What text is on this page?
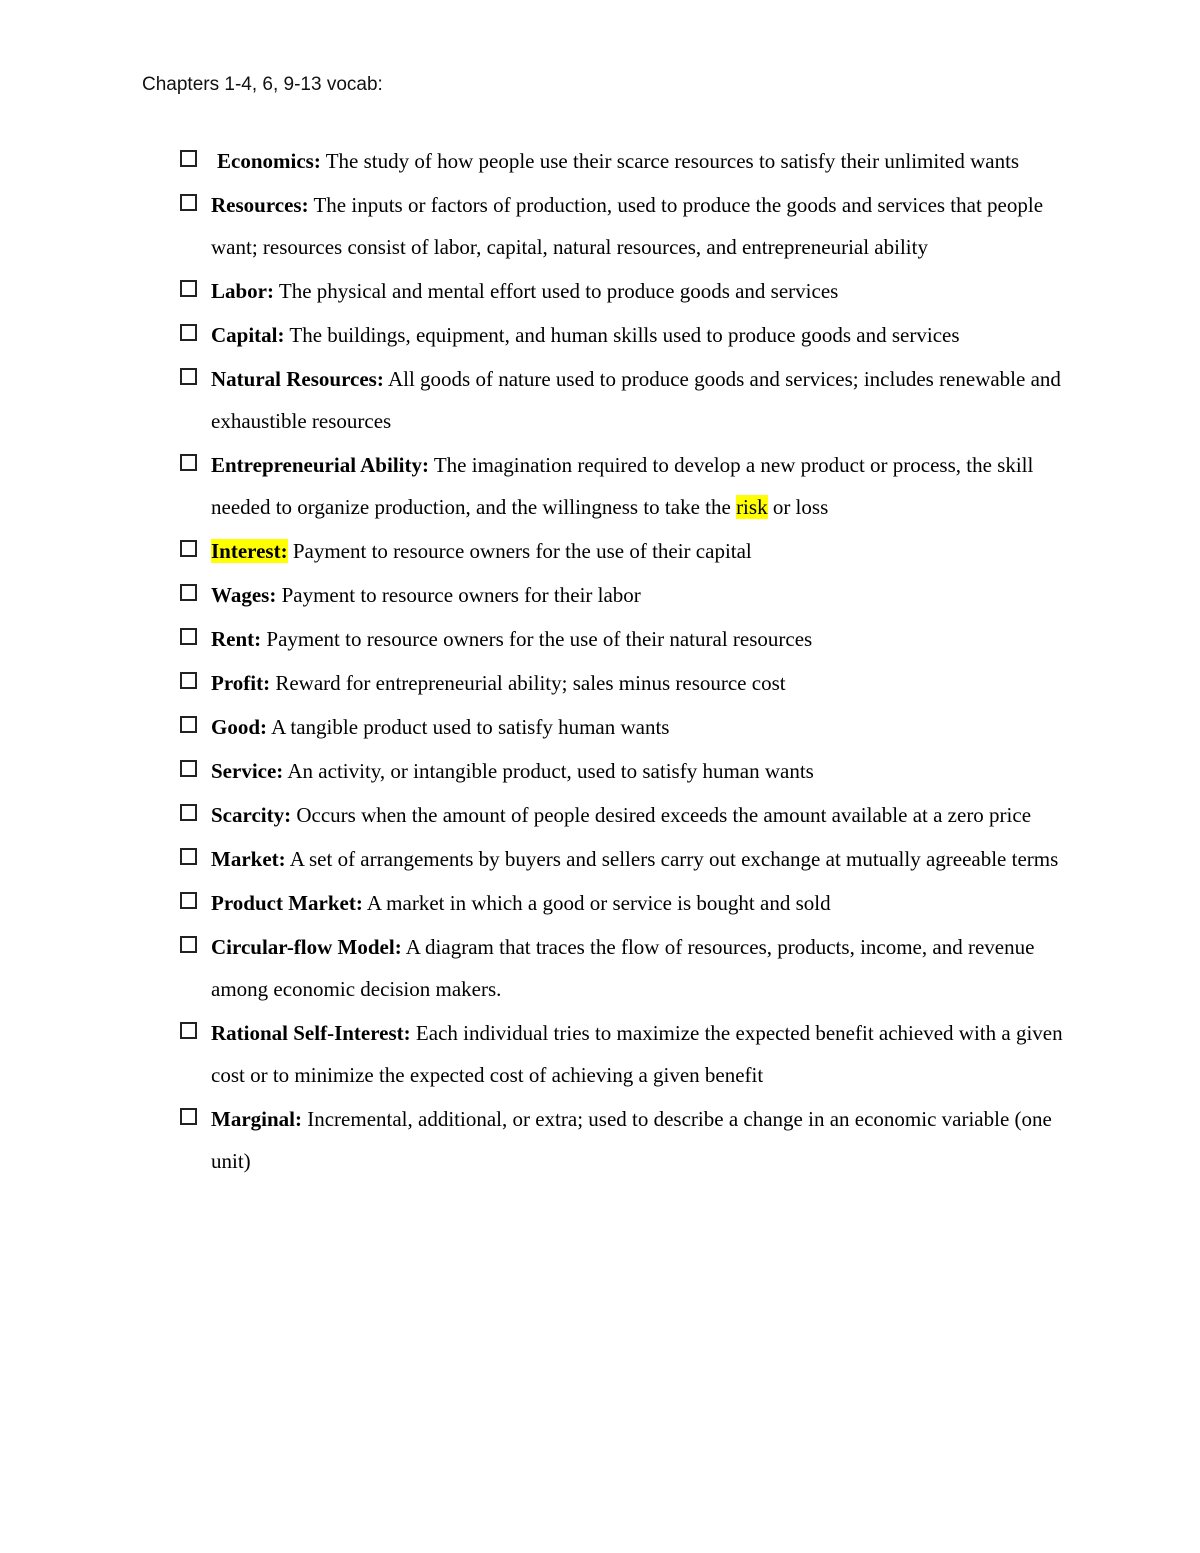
Chapters 1-4, 6, 9-13 vocab:
Economics: The study of how people use their scarce resources to satisfy their unlimited wants
Resources: The inputs or factors of production, used to produce the goods and services that people want; resources consist of labor, capital, natural resources, and entrepreneurial ability
Labor: The physical and mental effort used to produce goods and services
Capital: The buildings, equipment, and human skills used to produce goods and services
Natural Resources: All goods of nature used to produce goods and services; includes renewable and exhaustible resources
Entrepreneurial Ability: The imagination required to develop a new product or process, the skill needed to organize production, and the willingness to take the risk or loss
Interest: Payment to resource owners for the use of their capital
Wages: Payment to resource owners for their labor
Rent: Payment to resource owners for the use of their natural resources
Profit: Reward for entrepreneurial ability; sales minus resource cost
Good: A tangible product used to satisfy human wants
Service: An activity, or intangible product, used to satisfy human wants
Scarcity: Occurs when the amount of people desired exceeds the amount available at a zero price
Market: A set of arrangements by buyers and sellers carry out exchange at mutually agreeable terms
Product Market: A market in which a good or service is bought and sold
Circular-flow Model: A diagram that traces the flow of resources, products, income, and revenue among economic decision makers.
Rational Self-Interest: Each individual tries to maximize the expected benefit achieved with a given cost or to minimize the expected cost of achieving a given benefit
Marginal: Incremental, additional, or extra; used to describe a change in an economic variable (one unit)
